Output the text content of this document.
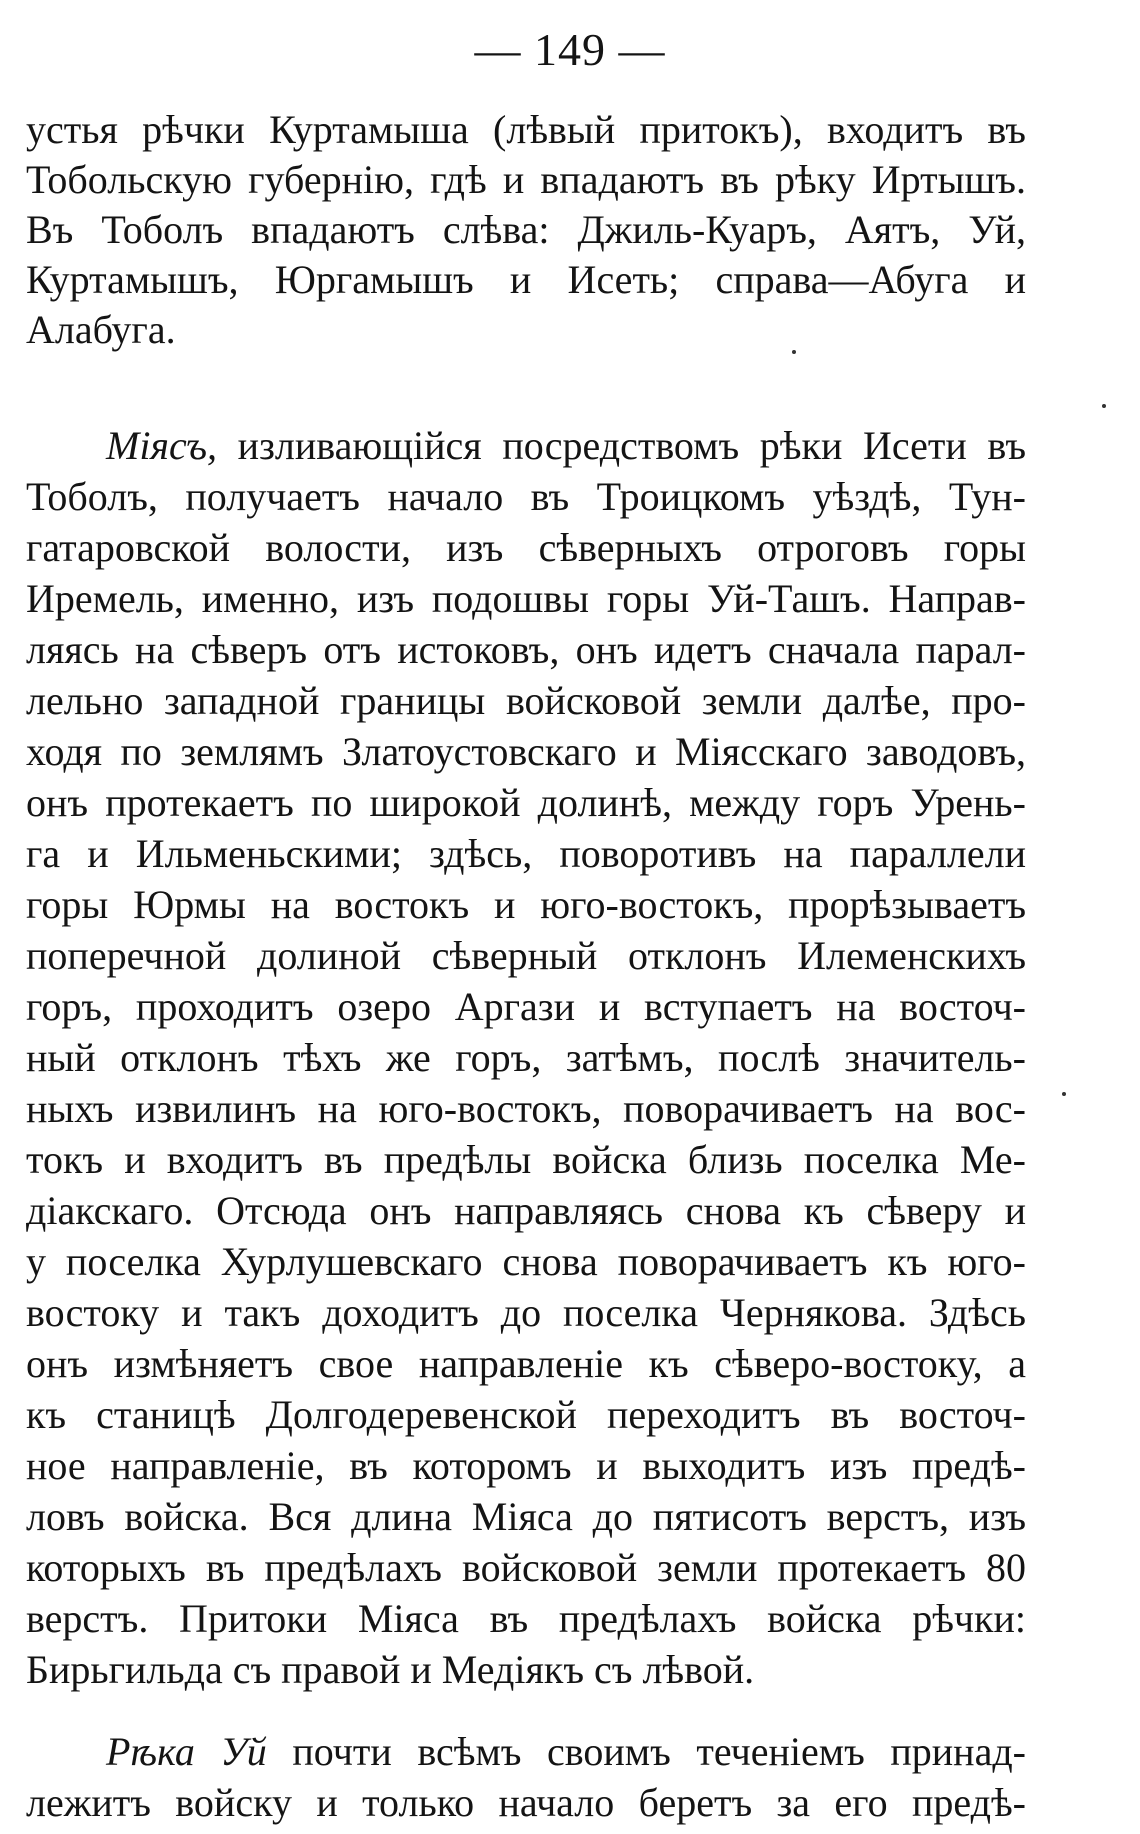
— 149 —
устья рѣчки Куртамыша (лѣвый притокъ), входитъ въ
Тобольскую губернію, гдѣ и впадаютъ въ рѣку Иртышъ.
Въ Тоболъ впадаютъ слѣва: Джиль-Куаръ, Аятъ, Уй,
Куртамышъ, Юргамышъ и Исеть; справа—Абуга и
Алабуга.
Міясъ, изливающійся посредствомъ рѣки Исети въ
Тоболъ, получаетъ начало въ Троицкомъ уѣздѣ, Тун-
гатаровской волости, изъ сѣверныхъ отроговъ горы
Иремель, именно, изъ подошвы горы Уй-Ташъ. Направ-
ляясь на сѣверъ отъ истоковъ, онъ идетъ сначала парал-
лельно западной границы войсковой земли далѣе, про-
ходя по землямъ Златоустовскаго и Міясскаго заводовъ,
онъ протекаетъ по широкой долинѣ, между горъ Урень-
га и Ильменьскими; здѣсь, поворотивъ на параллели
горы Юрмы на востокъ и юго-востокъ, прорѣзываетъ
поперечной долиной сѣверный отклонъ Илеменскихъ
горъ, проходитъ озеро Аргази и вступаетъ на восточ-
ный отклонъ тѣхъ же горъ, затѣмъ, послѣ значитель-
ныхъ извилинъ на юго-востокъ, поворачиваетъ на вос-
токъ и входитъ въ предѣлы войска близь поселка Ме-
діакскаго. Отсюда онъ направляясь снова къ сѣверу и
у поселка Хурлушевскаго снова поворачиваетъ къ юго-
востоку и такъ доходитъ до поселка Чернякова. Здѣсь
онъ измѣняетъ свое направленіе къ сѣверо-востоку, а
къ станицѣ Долгодеревенской переходитъ въ восточ-
ное направленіе, въ которомъ и выходитъ изъ предѣ-
ловъ войска. Вся длина Міяса до пятисотъ верстъ, изъ
которыхъ въ предѣлахъ войсковой земли протекаетъ 80
верстъ. Притоки Міяса въ предѣлахъ войска рѣчки:
Бирьгильда съ правой и Медіякъ съ лѣвой.
Рѣка Уй почти всѣмъ своимъ теченіемъ принад-
лежитъ войску и только начало беретъ за его предѣ-
